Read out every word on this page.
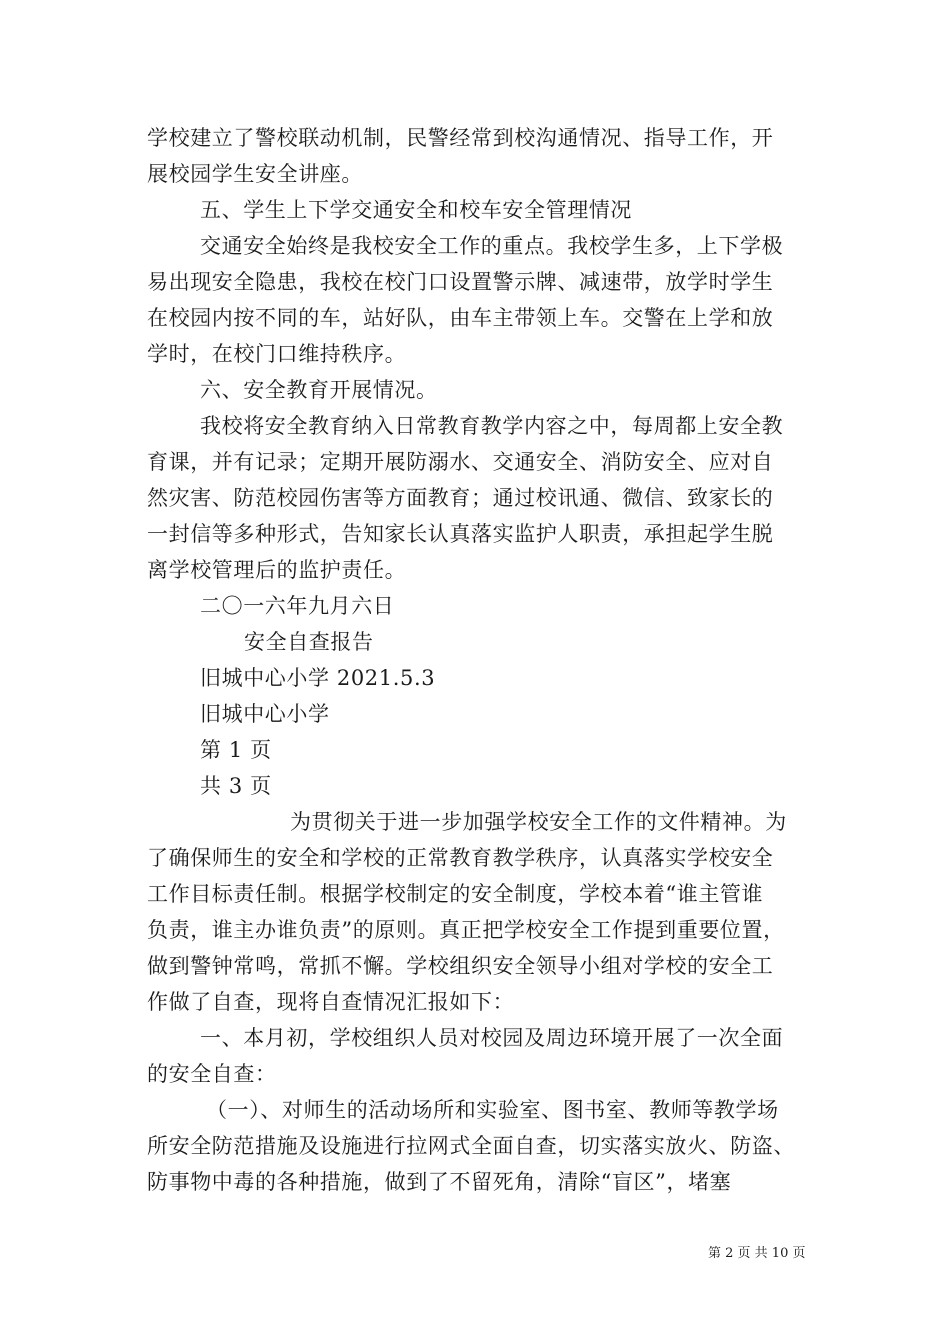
学校建立了警校联动机制，民警经常到校沟通情况、指导工作，开
展校园学生安全讲座。
五、学生上下学交通安全和校车安全管理情况
交通安全始终是我校安全工作的重点。我校学生多，上下学极
易出现安全隐患，我校在校门口设置警示牌、减速带，放学时学生
在校园内按不同的车，站好队，由车主带领上车。交警在上学和放
学时，在校门口维持秩序。
六、安全教育开展情况。
我校将安全教育纳入日常教育教学内容之中，每周都上安全教
育课，并有记录；定期开展防溺水、交通安全、消防安全、应对自
然灾害、防范校园伤害等方面教育；通过校讯通、微信、致家长的
一封信等多种形式，告知家长认真落实监护人职责，承担起学生脱
离学校管理后的监护责任。
二〇一六年九月六日
安全自查报告
旧城中心小学 2021.5.3
旧城中心小学
第 1 页
共 3 页
为贯彻关于进一步加强学校安全工作的文件精神。为
了确保师生的安全和学校的正常教育教学秩序，认真落实学校安全
工作目标责任制。根据学校制定的安全制度，学校本着“谁主管谁
负责，谁主办谁负责”的原则。真正把学校安全工作提到重要位置，
做到警钟常鸣，常抓不懈。学校组织安全领导小组对学校的安全工
作做了自查，现将自查情况汇报如下：
一、本月初，学校组织人员对校园及周边环境开展了一次全面
的安全自查：
（一）、对师生的活动场所和实验室、图书室、教师等教学场
所安全防范措施及设施进行拉网式全面自查，切实落实放火、防盗、
防事物中毒的各种措施，做到了不留死角，清除“盲区”，堵塞
第 2 页 共 10 页
